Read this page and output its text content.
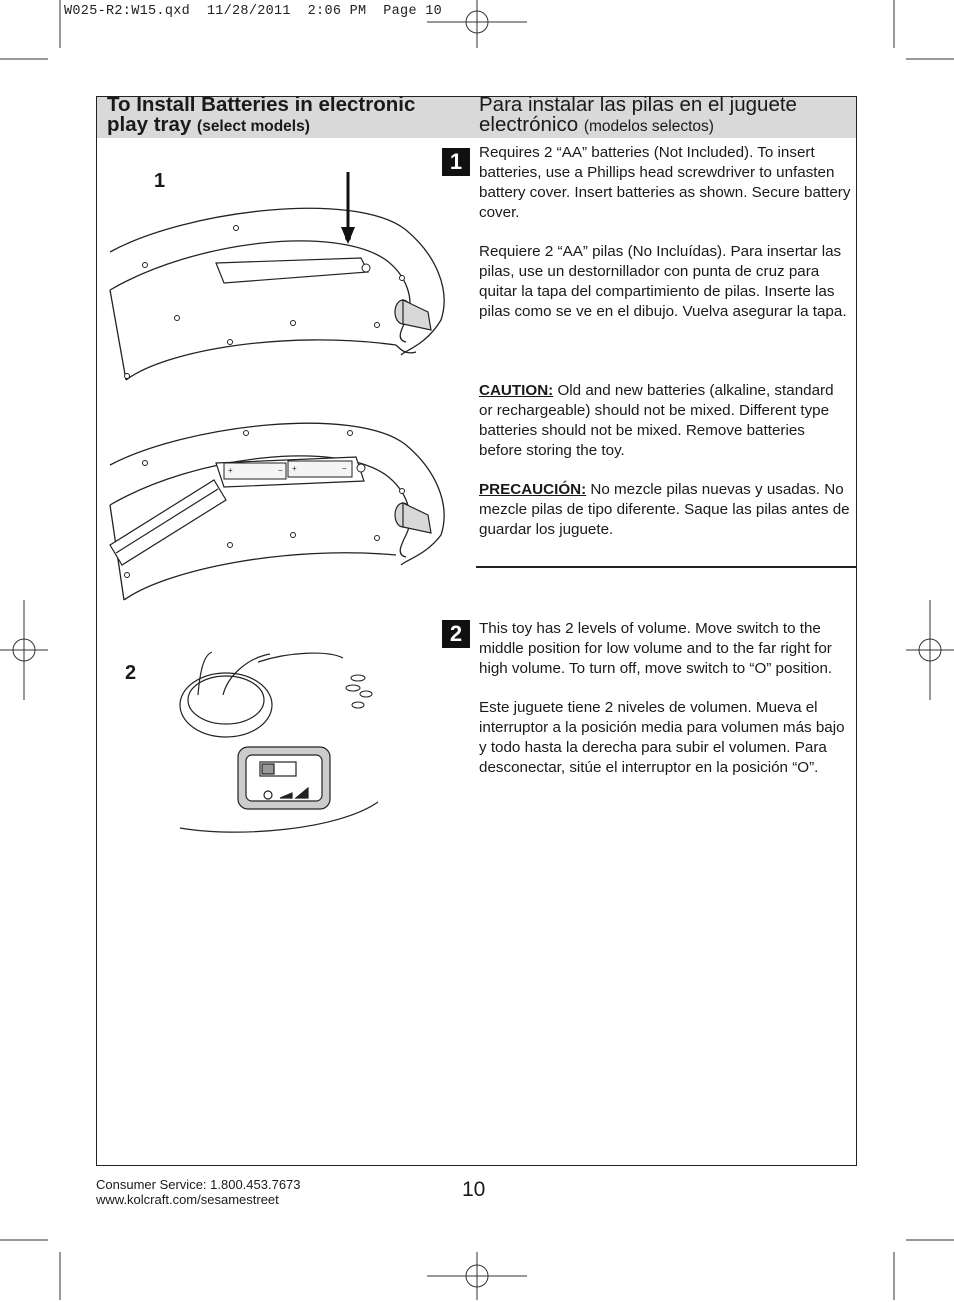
W025-R2:W15.qxd  11/28/2011  2:06 PM  Page 10
To Install Batteries in electronic play tray (select models)
Para instalar las pilas en el juguete electrónico (modelos selectos)
1
2
+	− +	−
1	Requires 2 “AA” batteries (Not Included). To insert batteries, use a Phillips head screwdriver to unfasten battery cover. Insert batteries as shown. Secure battery cover.

Requiere 2 “AA” pilas (No Incluídas). Para insertar las pilas, use un destornillador con punta de cruz para quitar la tapa del compartimiento de pilas. Inserte las pilas como se ve en el dibujo. Vuelva asegurar la tapa.

CAUTION: Old and new batteries (alkaline, standard or rechargeable) should not be mixed. Different type batteries should not be mixed. Remove batteries before storing the toy.

PRECAUCIÓN: No mezcle pilas nuevas y usadas. No mezcle pilas de tipo diferente. Saque las pilas antes de guardar los juguete.

2	This toy has 2 levels of volume. Move switch to the middle position for low volume and to the far right for high volume. To turn off, move switch to “O” position.

Este juguete tiene 2 niveles de volumen. Mueva el interruptor a la posición media para volumen más bajo y todo hasta la derecha para subir el volumen. Para desconectar, sitúe el interruptor en la posición “O”.

Consumer Service: 1.800.453.7673
www.kolcraft.com/sesamestreet	10
